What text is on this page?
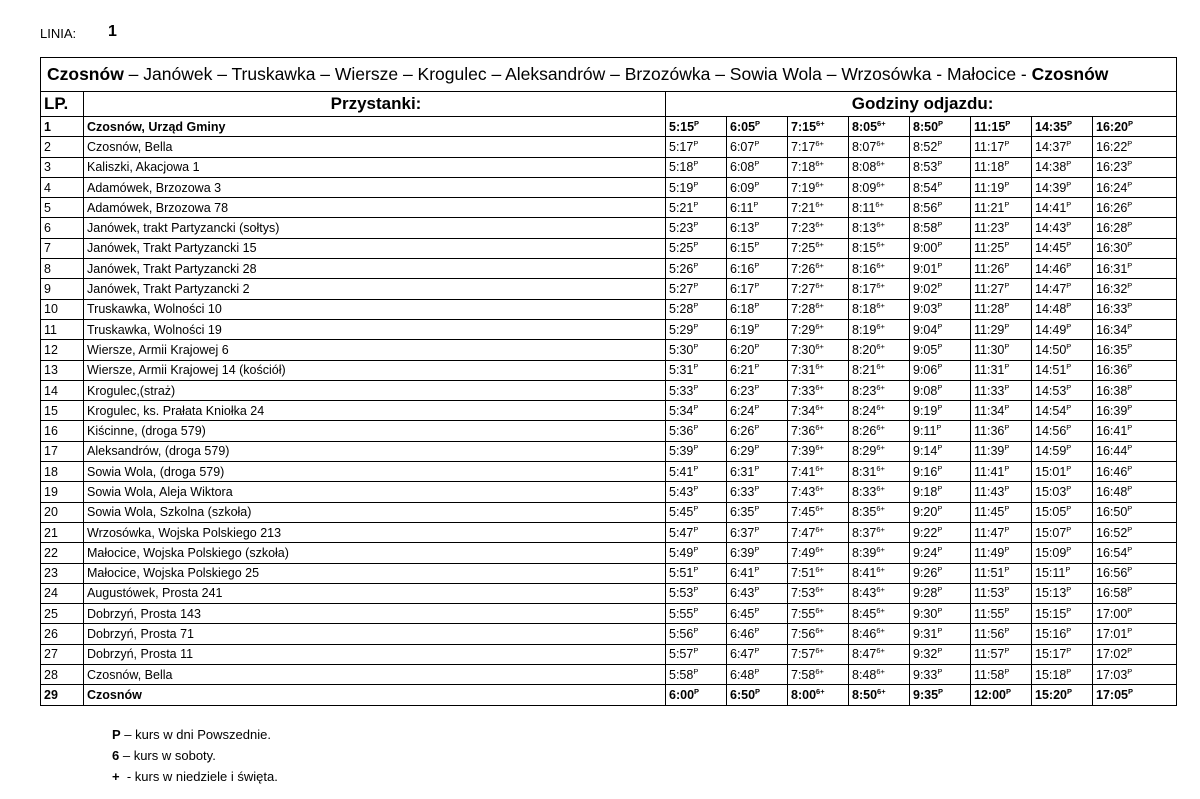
LINIA: 1
Czosnów – Janówek – Truskawka – Wiersze – Krogulec – Aleksandrów – Brzozówka – Sowia Wola – Wrzosówka - Małocice - Czosnów									
LP.	Przystanki:	Godziny odjazdu:							
1	Czosnów, Urząd Gminy	$5:15^P$	$6:05^P$	$7:15^{6+}$	$8:05^{6+}$	$8:50^P$	$11:15^P$	$14:35^P$	$16:20^P$
2	Czosnów, Bella	$5:17^P$	$6:07^P$	$7:17^{6+}$	$8:07^{6+}$	$8:52^P$	$11:17^P$	$14:37^P$	$16:22^P$
3	Kaliszki, Akacjowa 1	$5:18^P$	$6:08^P$	$7:18^{6+}$	$8:08^{6+}$	$8:53^P$	$11:18^P$	$14:38^P$	$16:23^P$
4	Adamówek, Brzozowa 3	$5:19^P$	$6:09^P$	$7:19^{6+}$	$8:09^{6+}$	$8:54^P$	$11:19^P$	$14:39^P$	$16:24^P$
5	Adamówek, Brzozowa 78	$5:21^P$	$6:11^P$	$7:21^{6+}$	$8:11^{6+}$	$8:56^P$	$11:21^P$	$14:41^P$	$16:26^P$
6	Janówek, trakt Partyzancki (sołtys)	$5:23^P$	$6:13^P$	$7:23^{6+}$	$8:13^{6+}$	$8:58^P$	$11:23^P$	$14:43^P$	$16:28^P$
7	Janówek, Trakt Partyzancki 15	$5:25^P$	$6:15^P$	$7:25^{6+}$	$8:15^{6+}$	$9:00^P$	$11:25^P$	$14:45^P$	$16:30^P$
8	Janówek, Trakt Partyzancki 28	$5:26^P$	$6:16^P$	$7:26^{6+}$	$8:16^{6+}$	$9:01^P$	$11:26^P$	$14:46^P$	$16:31^P$
9	Janówek, Trakt Partyzancki 2	$5:27^P$	$6:17^P$	$7:27^{6+}$	$8:17^{6+}$	$9:02^P$	$11:27^P$	$14:47^P$	$16:32^P$
10	Truskawka, Wolności 10	$5:28^P$	$6:18^P$	$7:28^{6+}$	$8:18^{6+}$	$9:03^P$	$11:28^P$	$14:48^P$	$16:33^P$
11	Truskawka, Wolności 19	$5:29^P$	$6:19^P$	$7:29^{6+}$	$8:19^{6+}$	$9:04^P$	$11:29^P$	$14:49^P$	$16:34^P$
12	Wiersze, Armii Krajowej 6	$5:30^P$	$6:20^P$	$7:30^{6+}$	$8:20^{6+}$	$9:05^P$	$11:30^P$	$14:50^P$	$16:35^P$
13	Wiersze, Armii Krajowej 14 (kościół)	$5:31^P$	$6:21^P$	$7:31^{6+}$	$8:21^{6+}$	$9:06^P$	$11:31^P$	$14:51^P$	$16:36^P$
14	Krogulec,(straż)	$5:33^P$	$6:23^P$	$7:33^{6+}$	$8:23^{6+}$	$9:08^P$	$11:33^P$	$14:53^P$	$16:38^P$
15	Krogulec, ks. Prałata Kniołka 24	$5:34^P$	$6:24^P$	$7:34^{6+}$	$8:24^{6+}$	$9:19^P$	$11:34^P$	$14:54^P$	$16:39^P$
16	Kiścinne, (droga 579)	$5:36^P$	$6:26^P$	$7:36^{6+}$	$8:26^{6+}$	$9:11^P$	$11:36^P$	$14:56^P$	$16:41^P$
17	Aleksandrów, (droga 579)	$5:39^P$	$6:29^P$	$7:39^{6+}$	$8:29^{6+}$	$9:14^P$	$11:39^P$	$14:59^P$	$16:44^P$
18	Sowia Wola, (droga 579)	$5:41^P$	$6:31^P$	$7:41^{6+}$	$8:31^{6+}$	$9:16^P$	$11:41^P$	$15:01^P$	$16:46^P$
19	Sowia Wola, Aleja Wiktora	$5:43^P$	$6:33^P$	$7:43^{6+}$	$8:33^{6+}$	$9:18^P$	$11:43^P$	$15:03^P$	$16:48^P$
20	Sowia Wola, Szkolna (szkoła)	$5:45^P$	$6:35^P$	$7:45^{6+}$	$8:35^{6+}$	$9:20^P$	$11:45^P$	$15:05^P$	$16:50^P$
21	Wrzosówka, Wojska Polskiego 213	$5:47^P$	$6:37^P$	$7:47^{6+}$	$8:37^{6+}$	$9:22^P$	$11:47^P$	$15:07^P$	$16:52^P$
22	Małocice, Wojska Polskiego (szkoła)	$5:49^P$	$6:39^P$	$7:49^{6+}$	$8:39^{6+}$	$9:24^P$	$11:49^P$	$15:09^P$	$16:54^P$
23	Małocice, Wojska Polskiego 25	$5:51^P$	$6:41^P$	$7:51^{6+}$	$8:41^{6+}$	$9:26^P$	$11:51^P$	$15:11^P$	$16:56^P$
24	Augustówek, Prosta 241	$5:53^P$	$6:43^P$	$7:53^{6+}$	$8:43^{6+}$	$9:28^P$	$11:53^P$	$15:13^P$	$16:58^P$
25	Dobrzyń, Prosta 143	$5:55^P$	$6:45^P$	$7:55^{6+}$	$8:45^{6+}$	$9:30^P$	$11:55^P$	$15:15^P$	$17:00^P$
26	Dobrzyń, Prosta 71	$5:56^P$	$6:46^P$	$7:56^{6+}$	$8:46^{6+}$	$9:31^P$	$11:56^P$	$15:16^P$	$17:01^P$
27	Dobrzyń, Prosta 11	$5:57^P$	$6:47^P$	$7:57^{6+}$	$8:47^{6+}$	$9:32^P$	$11:57^P$	$15:17^P$	$17:02^P$
28	Czosnów, Bella	$5:58^P$	$6:48^P$	$7:58^{6+}$	$8:48^{6+}$	$9:33^P$	$11:58^P$	$15:18^P$	$17:03^P$
29	Czosnów	$6:00^P$	$6:50^P$	$8:00^{6+}$	$8:50^{6+}$	$9:35^P$	$12:00^P$	$15:20^P$	$17:05^P$
P – kurs w dni Powszednie.
6 – kurs w soboty.
+  - kurs w niedziele i święta.
